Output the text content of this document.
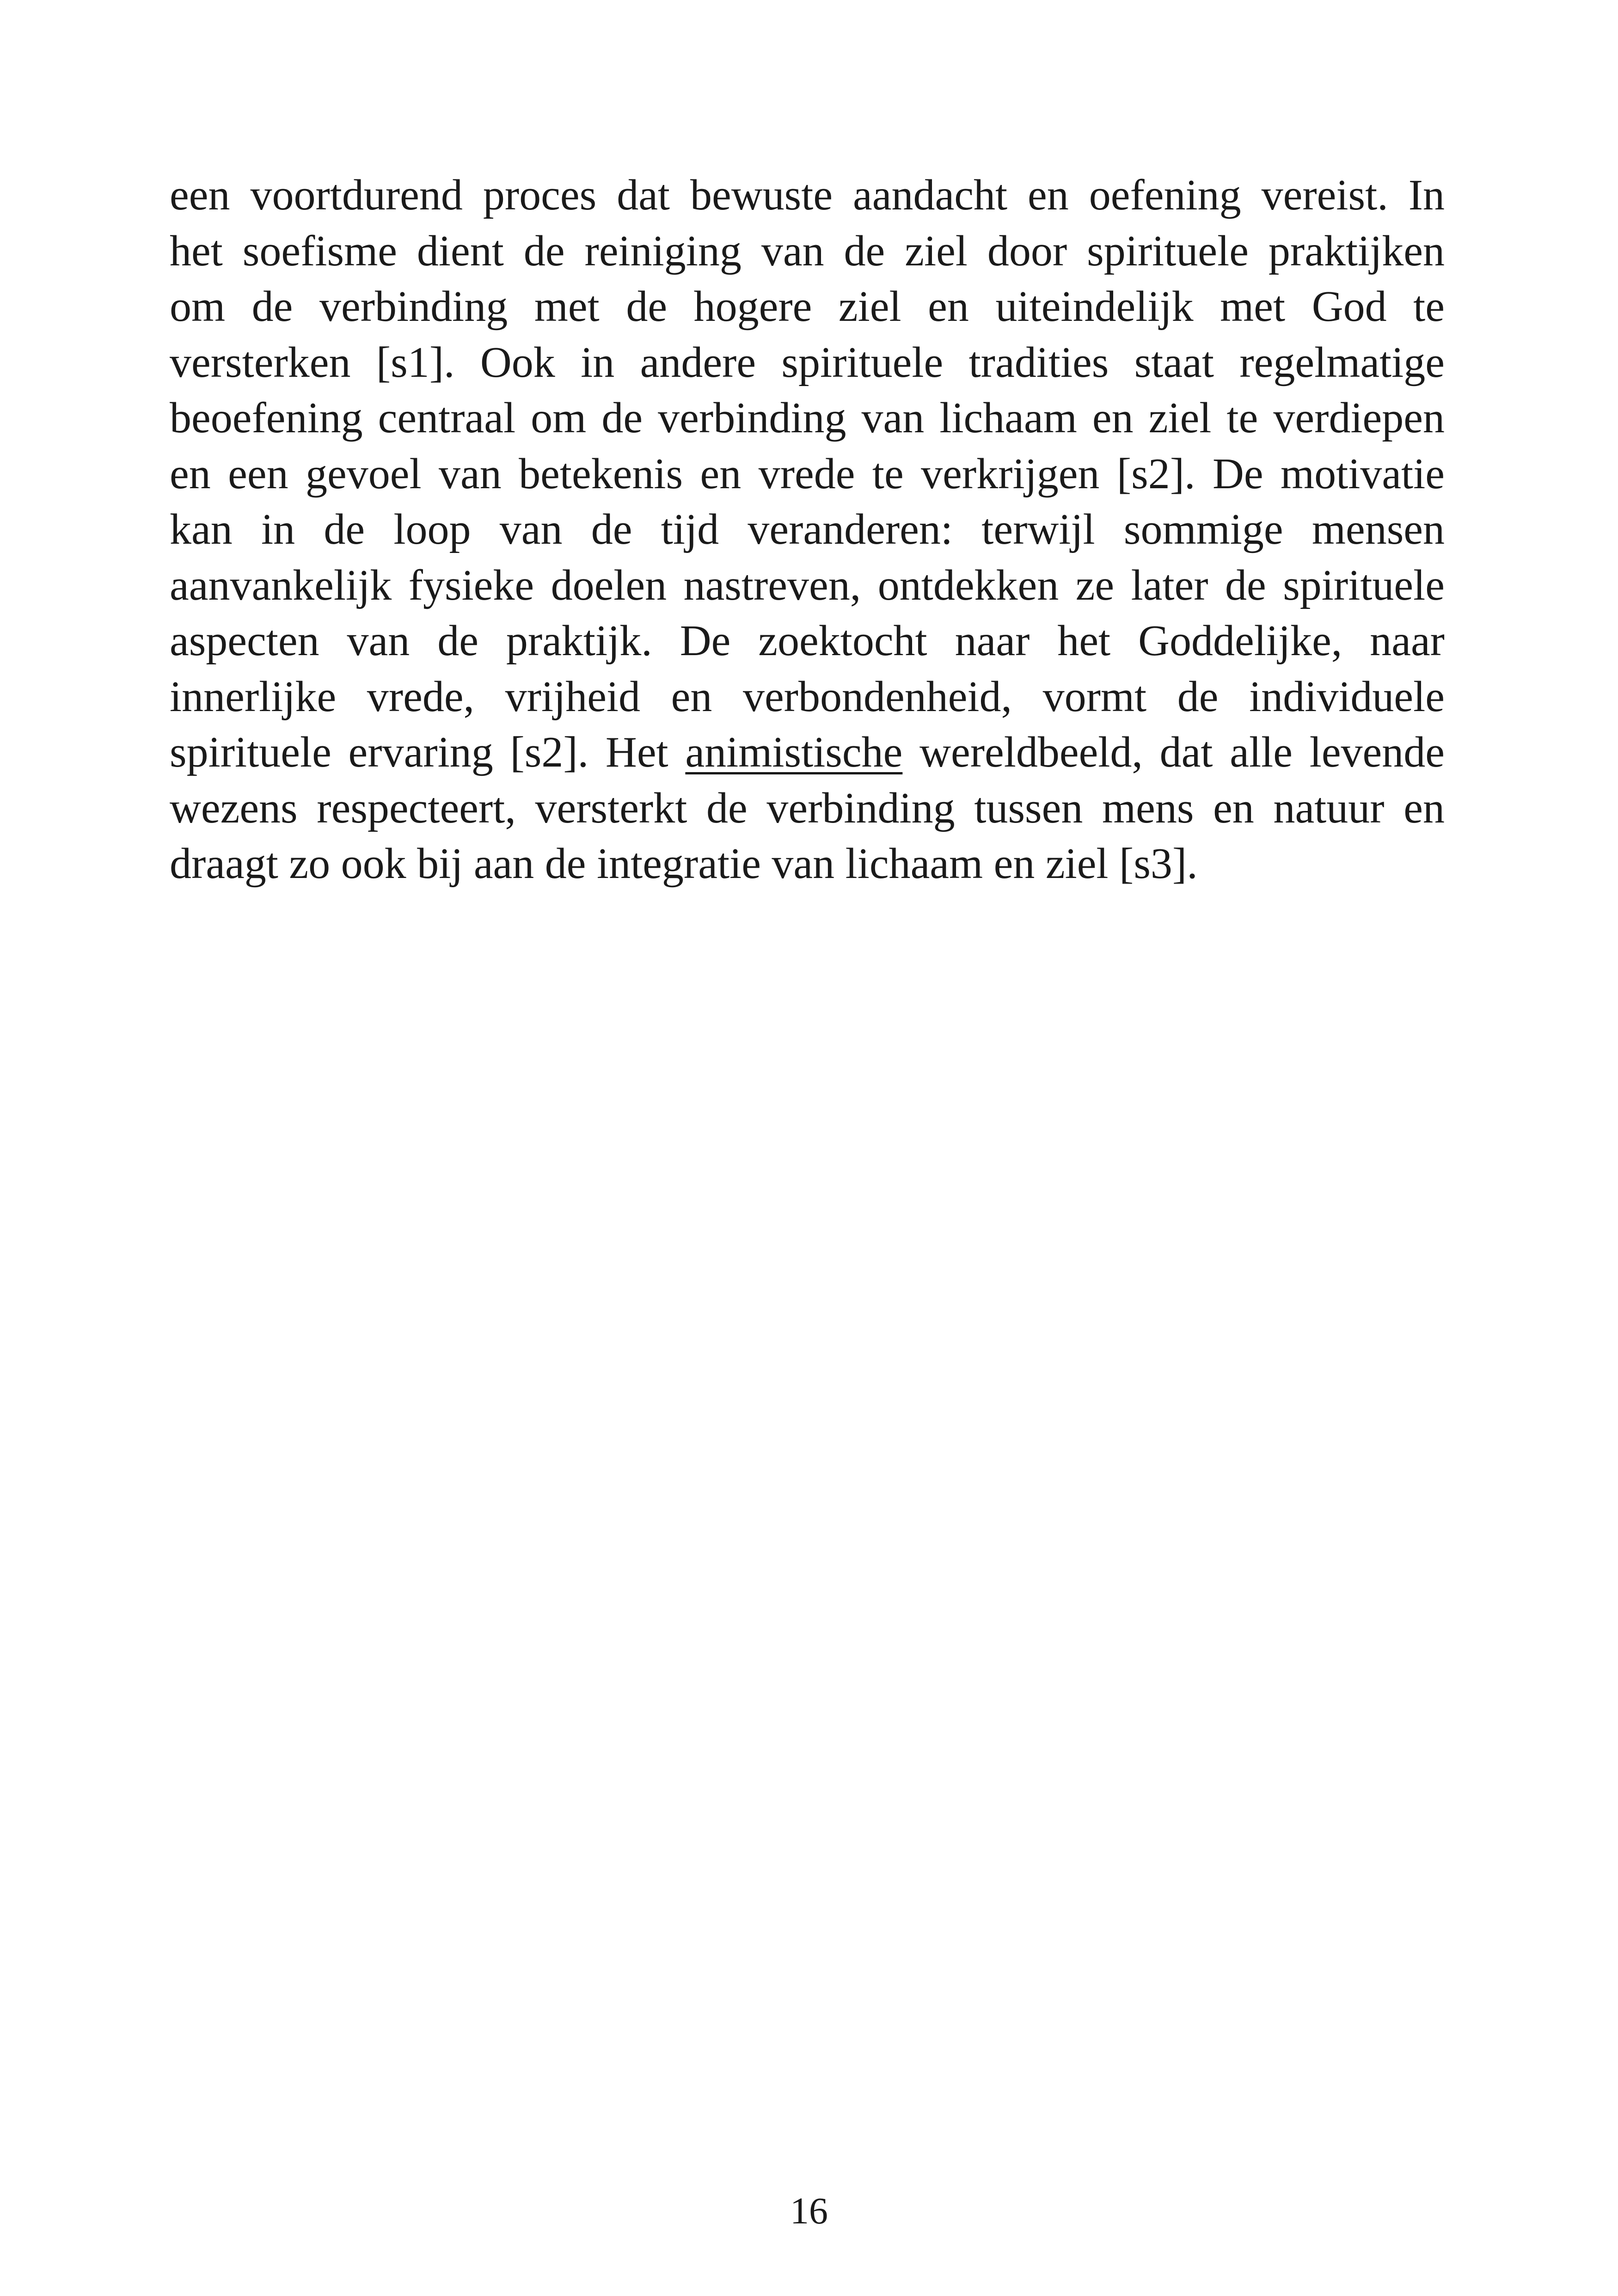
een voortdurend proces dat bewuste aandacht en oefening vereist. In
het soefisme dient de reiniging van de ziel door spirituele praktijken
om de verbinding met de hogere ziel en uiteindelijk met God te
versterken [s1]. Ook in andere spirituele tradities staat regelmatige
beoefening centraal om de verbinding van lichaam en ziel te verdiepen
en een gevoel van betekenis en vrede te verkrijgen [s2]. De motivatie
kan in de loop van de tijd veranderen: terwijl sommige mensen
aanvankelijk fysieke doelen nastreven, ontdekken ze later de spirituele
aspecten van de praktijk. De zoektocht naar het Goddelijke, naar
innerlijke vrede, vrijheid en verbondenheid, vormt de individuele
spirituele ervaring [s2]. Het animistische wereldbeeld, dat alle levende
wezens respecteert, versterkt de verbinding tussen mens en natuur en
draagt zo ook bij aan de integratie van lichaam en ziel [s3].
16
